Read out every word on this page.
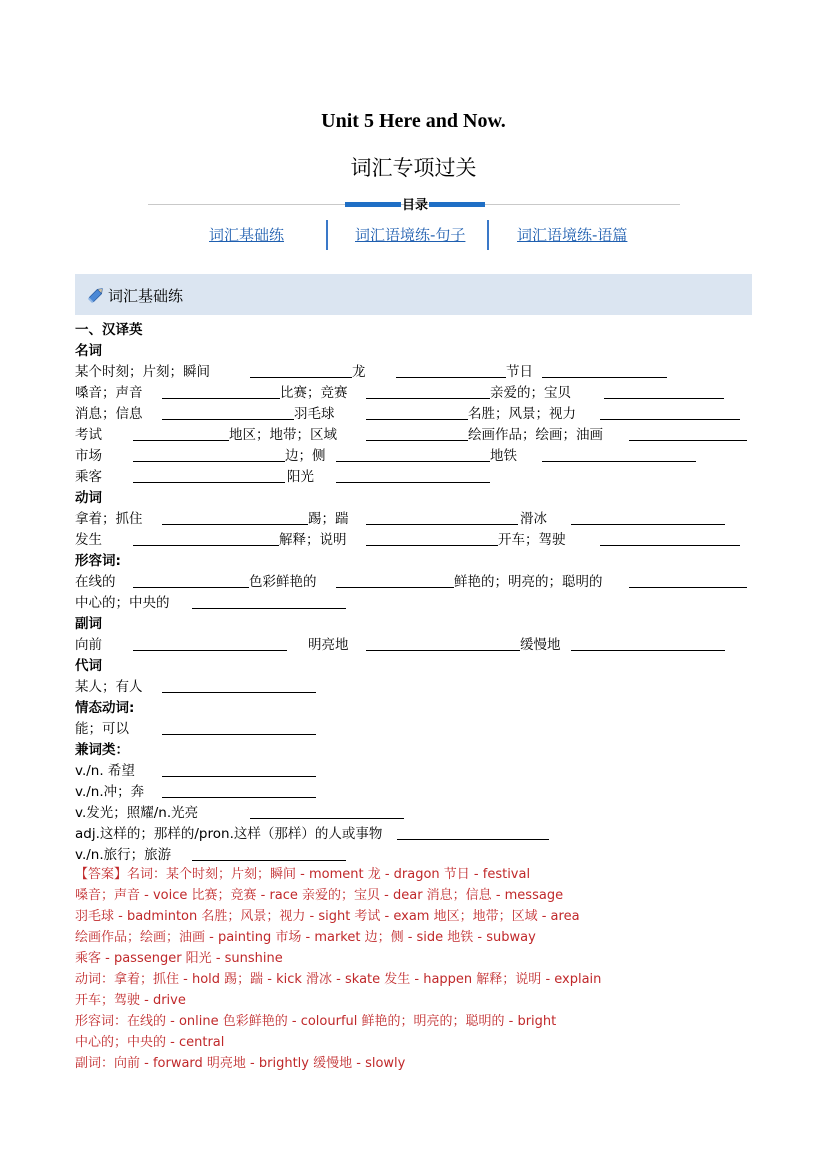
Unit 5 Here and Now.
词汇专项过关
目录
词汇基础练	词汇语境练-句子	词汇语境练-语篇
词汇基础练
一、汉译英
名词
某个时刻；片刻；瞬间	龙	节日
嗓音；声音	比赛；竞赛	亲爱的；宝贝
消息；信息	羽毛球	名胜；风景；视力
考试	地区；地带；区域	绘画作品；绘画；油画
市场	边；侧	地铁
乘客	阳光
动词
拿着；抓住	踢；踹	滑冰
发生	解释；说明	开车；驾驶
形容词:
在线的	色彩鲜艳的	鲜艳的；明亮的；聪明的
中心的；中央的
副词
向前	明亮地	缓慢地
代词
某人；有人
情态动词:
能；可以
兼词类：
v./n. 希望
v./n.冲；奔
v.发光；照耀/n.光亮
adj.这样的；那样的/pron.这样（那样）的人或事物
v./n.旅行；旅游
【答案】名词：某个时刻；片刻；瞬间 - moment 龙 - dragon 节日 - festival
嗓音；声音 - voice 比赛；竞赛 - race 亲爱的；宝贝 - dear 消息；信息 - message
羽毛球 - badminton 名胜；风景；视力 - sight 考试 - exam 地区；地带；区域 - area
绘画作品；绘画；油画 - painting 市场 - market 边；侧 - side 地铁 - subway
乘客 - passenger 阳光 - sunshine
动词：拿着；抓住 - hold 踢；踹 - kick 滑冰 - skate 发生 - happen 解释；说明 - explain
开车；驾驶 - drive
形容词：在线的 - online 色彩鲜艳的 - colourful 鲜艳的；明亮的；聪明的 - bright
中心的；中央的 - central
副词：向前 - forward 明亮地 - brightly 缓慢地 - slowly
